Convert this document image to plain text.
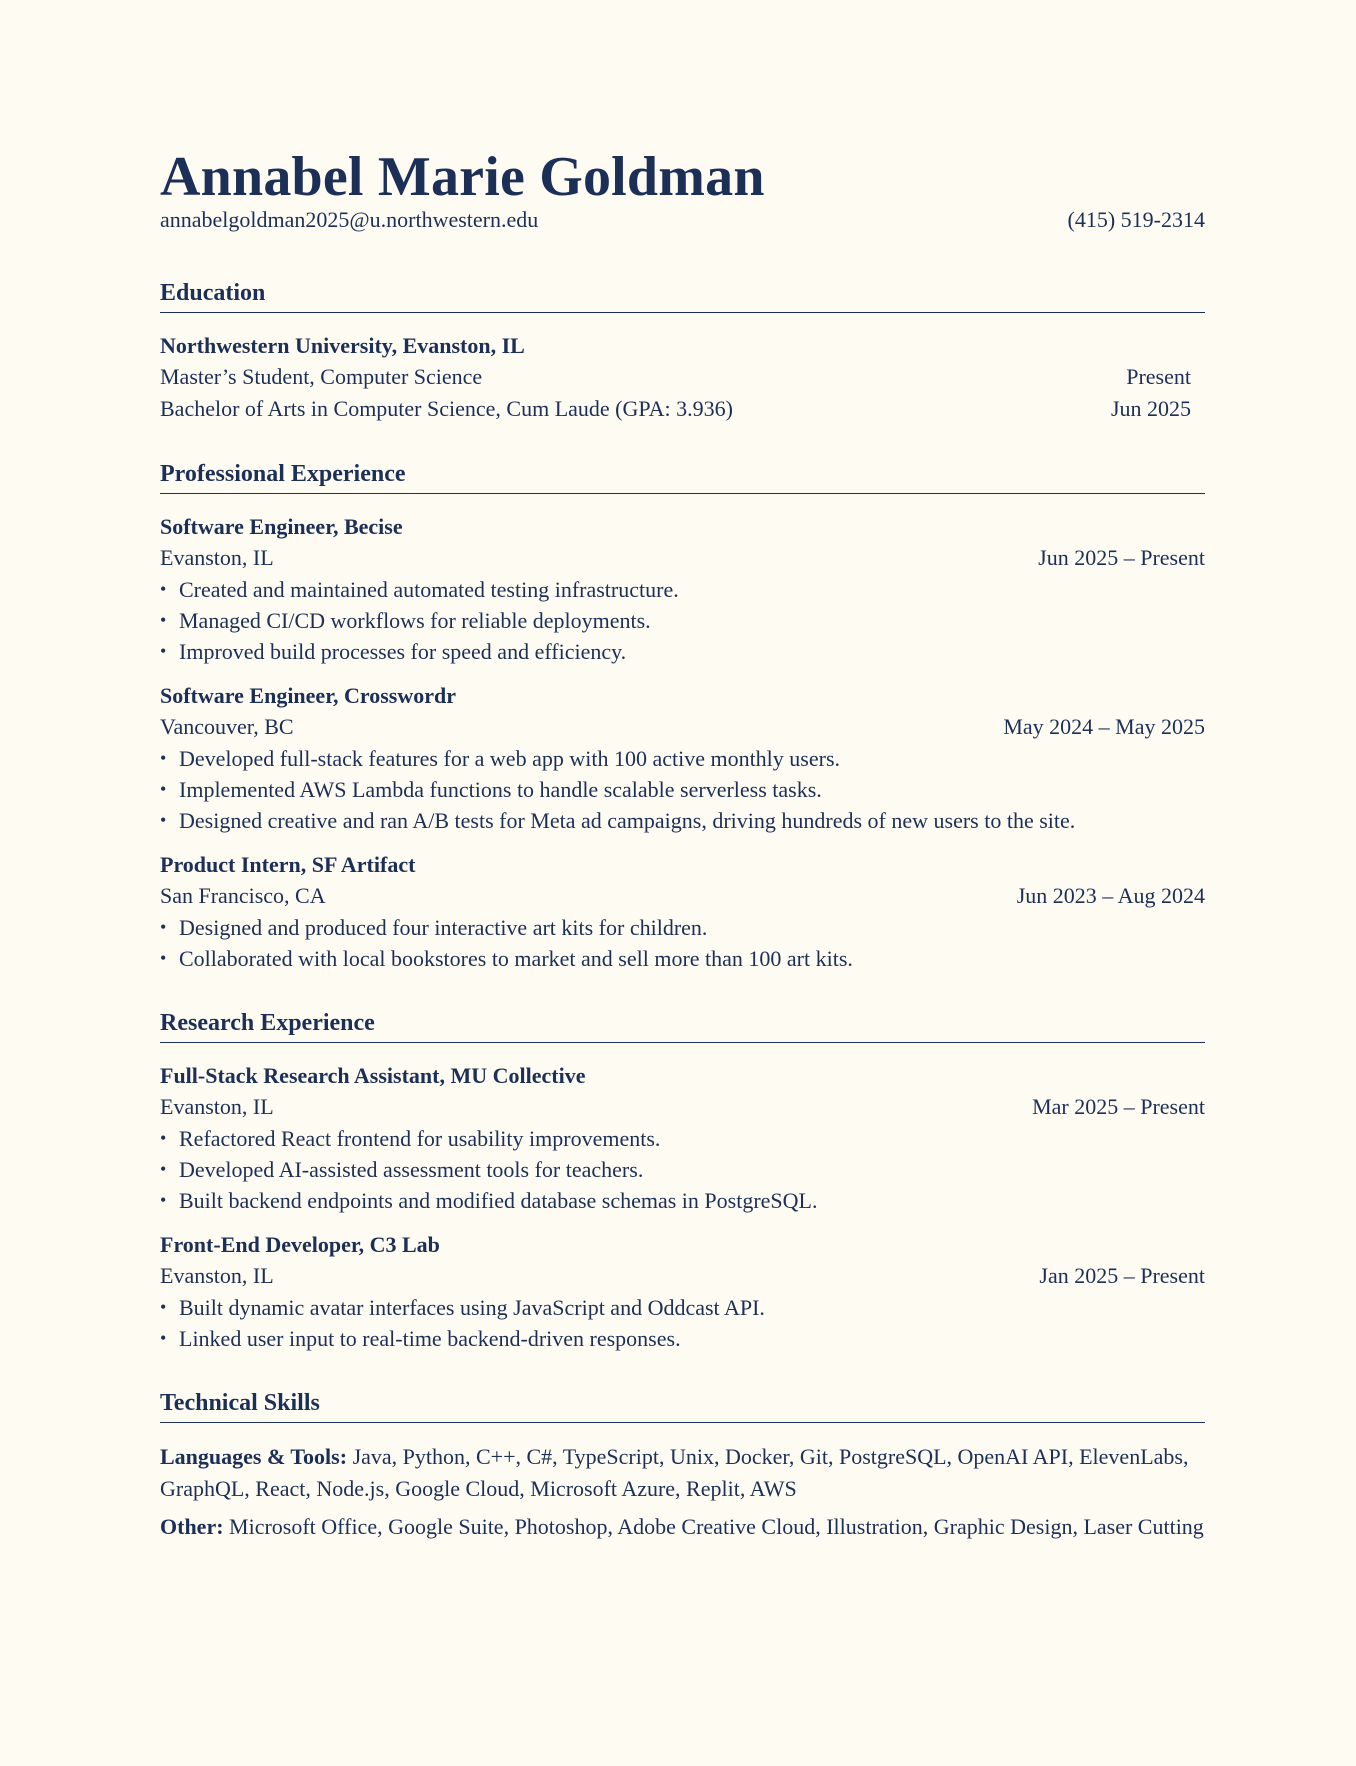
Annabel Marie Goldman
annabelgoldman2025@u.northwestern.edu	(415) 519-2314
Education
Northwestern University, Evanston, IL
Master’s Student, Computer Science	Present
Bachelor of Arts in Computer Science, Cum Laude (GPA: 3.936)	Jun 2025
Professional Experience
Software Engineer, Becise
Evanston, IL	Jun 2025 – Present
• Created and maintained automated testing infrastructure.
• Managed CI/CD workflows for reliable deployments.
• Improved build processes for speed and efficiency.
Software Engineer, Crosswordr
Vancouver, BC	May 2024 – May 2025
• Developed full-stack features for a web app with 100 active monthly users.
• Implemented AWS Lambda functions to handle scalable serverless tasks.
• Designed creative and ran A/B tests for Meta ad campaigns, driving hundreds of new users to the site.
Product Intern, SF Artifact
San Francisco, CA	Jun 2023 – Aug 2024
• Designed and produced four interactive art kits for children.
• Collaborated with local bookstores to market and sell more than 100 art kits.
Research Experience
Full-Stack Research Assistant, MU Collective
Evanston, IL	Mar 2025 – Present
• Refactored React frontend for usability improvements.
• Developed AI-assisted assessment tools for teachers.
• Built backend endpoints and modified database schemas in PostgreSQL.
Front-End Developer, C3 Lab
Evanston, IL	Jan 2025 – Present
• Built dynamic avatar interfaces using JavaScript and Oddcast API.
• Linked user input to real-time backend-driven responses.
Technical Skills

Languages & Tools: Java, Python, C++, C#, TypeScript, Unix, Docker, Git, PostgreSQL, OpenAI API, ElevenLabs, GraphQL, React, Node.js, Google Cloud, Microsoft Azure, Replit, AWS

Other: Microsoft Office, Google Suite, Photoshop, Adobe Creative Cloud, Illustration, Graphic Design, Laser Cutting
